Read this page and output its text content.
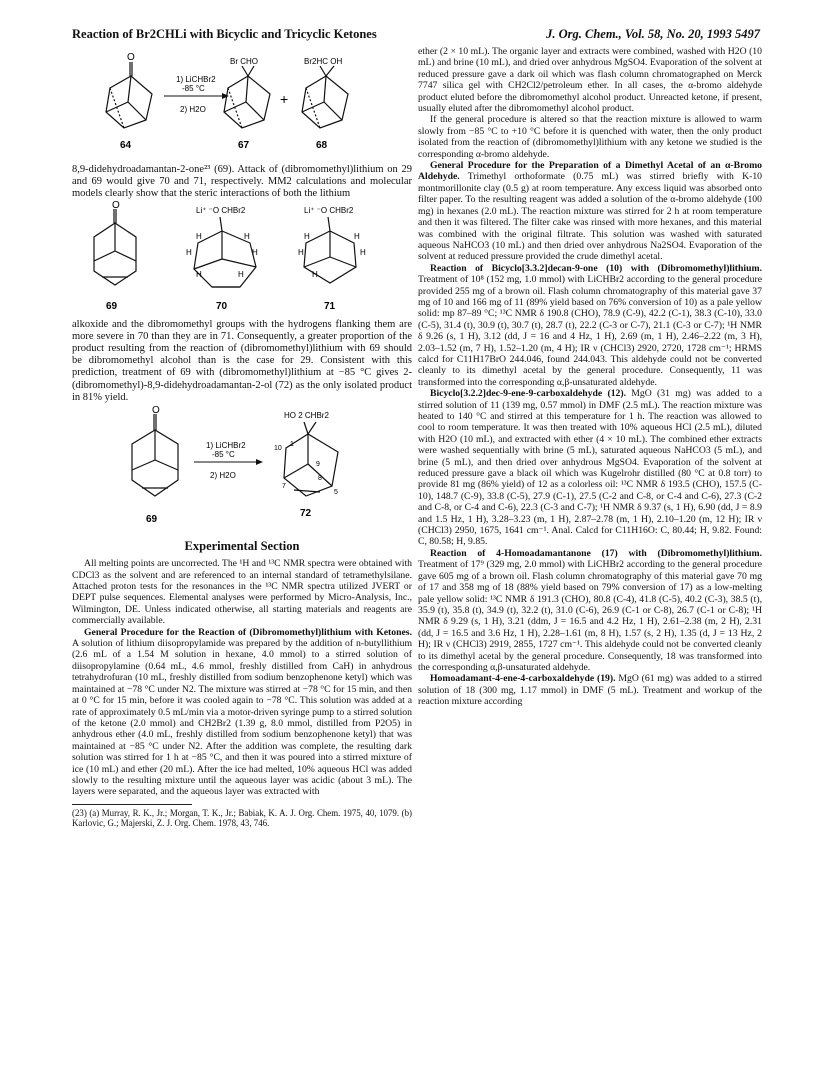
Reaction of Br2CHLi with Bicyclic and Tricyclic Ketones	J. Org. Chem., Vol. 58, No. 20, 1993 5497
O
64
1) LiCHBr2
-85 °C
2) H2O
Br CHO
67
+
Br2HC OH
68

8,9-didehydroadamantan-2-one²³ (69). Attack of (dibromomethyl)lithium on 29 and 69 would give 70 and 71, respectively. MM2 calculations and molecular models clearly show that the steric interactions of both the lithium

O
69
Li⁺ ⁻O CHBr2
H	H
H	H
H	H
70
Li⁺ ⁻O CHBr2
H	H
H	H
H
71

alkoxide and the dibromomethyl groups with the hydrogens flanking them are more severe in 70 than they are in 71. Consequently, a greater proportion of the product resulting from the reaction of (dibromomethyl)lithium with 69 should be dibromomethyl alcohol than is the case for 29. Consistent with this prediction, treatment of 69 with (dibromomethyl)lithium at −85 °C gives 2-(dibromomethyl)-8,9-didehydroadamantan-2-ol (72) as the only isolated product in 81% yield.

O
69
1) LiCHBr2
-85 °C
2) H2O
HO 2 CHBr2
10
1
9
8
7
5
72
Experimental Section

All melting points are uncorrected. The ¹H and ¹³C NMR spectra were obtained with CDCl3 as the solvent and are referenced to an internal standard of tetramethylsilane. Attached proton tests for the resonances in the ¹³C NMR spectra utilized JVERT or DEPT pulse sequences. Elemental analyses were performed by Micro-Analysis, Inc., Wilmington, DE. Unless indicated otherwise, all starting materials and reagents are commercially available.

General Procedure for the Reaction of (Dibromomethyl)lithium with Ketones. A solution of lithium diisopropylamide was prepared by the addition of n-butyllithium (2.6 mL of a 1.54 M solution in hexane, 4.0 mmol) to a stirred solution of diisopropylamine (0.64 mL, 4.6 mmol, freshly distilled from CaH) in anhydrous tetrahydrofuran (10 mL, freshly distilled from sodium benzophenone ketyl) which was maintained at −78 °C under N2. The mixture was stirred at −78 °C for 15 min, and then at 0 °C for 15 min, before it was cooled again to −78 °C. This solution was added at a rate of approximately 0.5 mL/min via a motor-driven syringe pump to a stirred solution of the ketone (2.0 mmol) and CH2Br2 (1.39 g, 8.0 mmol, distilled from P2O5) in anhydrous ether (4.0 mL, freshly distilled from sodium benzophenone ketyl) that was maintained at −85 °C under N2. After the addition was complete, the resulting dark solution was stirred for 1 h at −85 °C, and then it was poured into a stirred mixture of ice (10 mL) and ether (20 mL). After the ice had melted, 10% aqueous HCl was added slowly to the resulting mixture until the aqueous layer was acidic (about 3 mL). The layers were separated, and the aqueous layer was extracted with

(23) (a) Murray, R. K., Jr.; Morgan, T. K., Jr.; Babiak, K. A. J. Org. Chem. 1975, 40, 1079. (b) Karlovic, G.; Majerski, Z. J. Org. Chem. 1978, 43, 746.

ether (2 × 10 mL). The organic layer and extracts were combined, washed with H2O (10 mL) and brine (10 mL), and dried over anhydrous MgSO4. Evaporation of the solvent at reduced pressure gave a dark oil which was flash column chromatographed on Merck 7747 silica gel with CH2Cl2/petroleum ether. In all cases, the α-bromo aldehyde product eluted before the dibromomethyl alcohol product. Unreacted ketone, if present, usually eluted after the dibromomethyl alcohol product.

If the general procedure is altered so that the reaction mixture is allowed to warm slowly from −85 °C to +10 °C before it is quenched with water, then the only product isolated from the reaction of (dibromomethyl)lithium with any ketone we studied is the corresponding α-bromo aldehyde.

General Procedure for the Preparation of a Dimethyl Acetal of an α-Bromo Aldehyde. Trimethyl orthoformate (0.75 mL) was stirred briefly with K-10 montmorillonite clay (0.5 g) at room temperature. Any excess liquid was absorbed onto filter paper. To the resulting reagent was added a solution of the α-bromo aldehyde (100 mg) in hexanes (2.0 mL). The reaction mixture was stirred for 2 h at room temperature and then it was filtered. The filter cake was rinsed with more hexanes, and this material was combined with the original filtrate. This solution was washed with saturated aqueous NaHCO3 (10 mL) and then dried over anhydrous Na2SO4. Evaporation of the solvent at reduced pressure provided the crude dimethyl acetal.

Reaction of Bicyclo[3.3.2]decan-9-one (10) with (Dibromomethyl)lithium. Treatment of 10⁸ (152 mg, 1.0 mmol) with LiCHBr2 according to the general procedure provided 255 mg of a brown oil. Flash column chromatography of this material gave 37 mg of 10 and 166 mg of 11 (89% yield based on 76% conversion of 10) as a pale yellow solid: mp 87–89 °C; ¹³C NMR δ 190.8 (CHO), 78.9 (C-9), 42.2 (C-1), 38.3 (C-10), 33.0 (C-5), 31.4 (t), 30.9 (t), 30.7 (t), 28.7 (t), 22.2 (C-3 or C-7), 21.1 (C-3 or C-7); ¹H NMR δ 9.26 (s, 1 H), 3.12 (dd, J = 16 and 4 Hz, 1 H), 2.69 (m, 1 H), 2.46–2.22 (m, 3 H), 2.03–1.52 (m, 7 H), 1.52–1.20 (m, 4 H); IR ν (CHCl3) 2920, 2720, 1728 cm⁻¹; HRMS calcd for C11H17BrO 244.046, found 244.043. This aldehyde could not be converted cleanly to its dimethyl acetal by the general procedure. Consequently, 11 was transformed into the corresponding α,β-unsaturated aldehyde.

Bicyclo[3.2.2]dec-9-ene-9-carboxaldehyde (12). MgO (31 mg) was added to a stirred solution of 11 (139 mg, 0.57 mmol) in DMF (2.5 mL). The reaction mixture was heated to 140 °C and stirred at this temperature for 1 h. The reaction was allowed to cool to room temperature. It was then treated with 10% aqueous HCl (2.5 mL), diluted with H2O (10 mL), and extracted with ether (4 × 10 mL). The combined ether extracts were washed sequentially with brine (5 mL), saturated aqueous NaHCO3 (5 mL), and brine (5 mL), and then dried over anhydrous MgSO4. Evaporation of the solvent at reduced pressure gave a black oil which was Kugelrohr distilled (80 °C at 0.8 torr) to provide 81 mg (86% yield) of 12 as a colorless oil: ¹³C NMR δ 193.5 (CHO), 157.5 (C-10), 148.7 (C-9), 33.8 (C-5), 27.9 (C-1), 27.5 (C-2 and C-8, or C-4 and C-6), 27.3 (C-2 and C-8, or C-4 and C-6), 22.3 (C-3 and C-7); ¹H NMR δ 9.37 (s, 1 H), 6.90 (dd, J = 8.9 and 1.5 Hz, 1 H), 3.28–3.23 (m, 1 H), 2.87–2.78 (m, 1 H), 2.10–1.20 (m, 12 H); IR ν (CHCl3) 2950, 1675, 1641 cm⁻¹. Anal. Calcd for C11H16O: C, 80.44; H, 9.82. Found: C, 80.58; H, 9.85.

Reaction of 4-Homoadamantanone (17) with (Dibromomethyl)lithium. Treatment of 17⁹ (329 mg, 2.0 mmol) with LiCHBr2 according to the general procedure gave 605 mg of a brown oil. Flash column chromatography of this material gave 70 mg of 17 and 358 mg of 18 (88% yield based on 79% conversion of 17) as a low-melting pale yellow solid: ¹³C NMR δ 191.3 (CHO), 80.8 (C-4), 41.8 (C-5), 40.2 (C-3), 38.5 (t), 35.9 (t), 35.8 (t), 34.9 (t), 32.2 (t), 31.0 (C-6), 26.9 (C-1 or C-8), 26.7 (C-1 or C-8); ¹H NMR δ 9.29 (s, 1 H), 3.21 (ddm, J = 16.5 and 4.2 Hz, 1 H), 2.61–2.38 (m, 2 H), 2.31 (dd, J = 16.5 and 3.6 Hz, 1 H), 2.28–1.61 (m, 8 H), 1.57 (s, 2 H), 1.35 (d, J = 13 Hz, 2 H); IR ν (CHCl3) 2919, 2855, 1727 cm⁻¹. This aldehyde could not be converted cleanly to its dimethyl acetal by the general procedure. Consequently, 18 was transformed into the corresponding α,β-unsaturated aldehyde.

Homoadamant-4-ene-4-carboxaldehyde (19). MgO (61 mg) was added to a stirred solution of 18 (300 mg, 1.17 mmol) in DMF (5 mL). Treatment and workup of the reaction mixture according
